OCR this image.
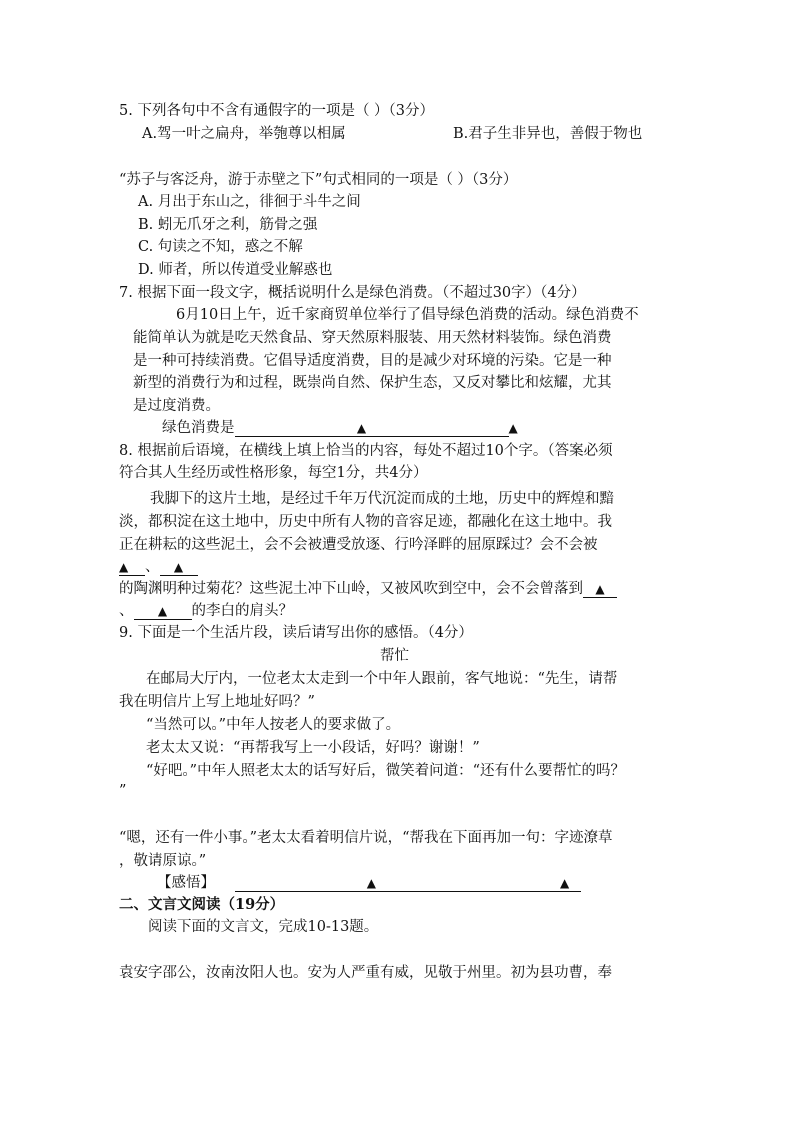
5. 下列各句中不含有通假字的一项是（ ）（3分）
A.驾一叶之扁舟，举匏尊以相属	B.君子生非异也，善假于物也
“苏子与客泛舟，游于赤壁之下”句式相同的一项是（ ）（3分）
A. 月出于东山之，徘徊于斗牛之间
B. 蚓无爪牙之利，筋骨之强
C. 句读之不知，惑之不解
D. 师者，所以传道受业解惑也
7. 根据下面一段文字，概括说明什么是绿色消费。（不超过30字）（4分）
6月10日上午，近千家商贸单位举行了倡导绿色消费的活动。绿色消费不
能简单认为就是吃天然食品、穿天然原料服装、用天然材料装饰。绿色消费
是一种可持续消费。它倡导适度消费，目的是减少对环境的污染。它是一种
新型的消费行为和过程，既崇尚自然、保护生态，又反对攀比和炫耀，尤其
是过度消费。
绿色消费是	▲	▲
8. 根据前后语境，在横线上填上恰当的内容，每处不超过10个字。（答案必须
符合其人生经历或性格形象，每空1分，共4分）
我脚下的这片土地，是经过千年万代沉淀而成的土地，历史中的辉煌和黯
淡，都积淀在这土地中，历史中所有人物的音容足迹，都融化在这土地中。我
正在耕耘的这些泥土，会不会被遭受放逐、行吟泽畔的屈原踩过？会不会被
▲ 、 ▲
的陶渊明种过菊花？这些泥土冲下山岭，又被风吹到空中，会不会曾落到 ▲
、 ▲ 的李白的肩头？
9. 下面是一个生活片段，读后请写出你的感悟。（4分）
帮忙
在邮局大厅内，一位老太太走到一个中年人跟前，客气地说：“先生，请帮
我在明信片上写上地址好吗？”
“当然可以。”中年人按老人的要求做了。
老太太又说：“再帮我写上一小段话，好吗？谢谢！”
“好吧。”中年人照老太太的话写好后，微笑着问道：“还有什么要帮忙的吗？
”
“嗯，还有一件小事。”老太太看着明信片说，“帮我在下面再加一句：字迹潦草
，敬请原谅。”
【感悟】	▲	▲
二、文言文阅读（19分）
阅读下面的文言文，完成10-13题。
袁安字邵公，汝南汝阳人也。安为人严重有威，见敬于州里。初为县功曹，奉
